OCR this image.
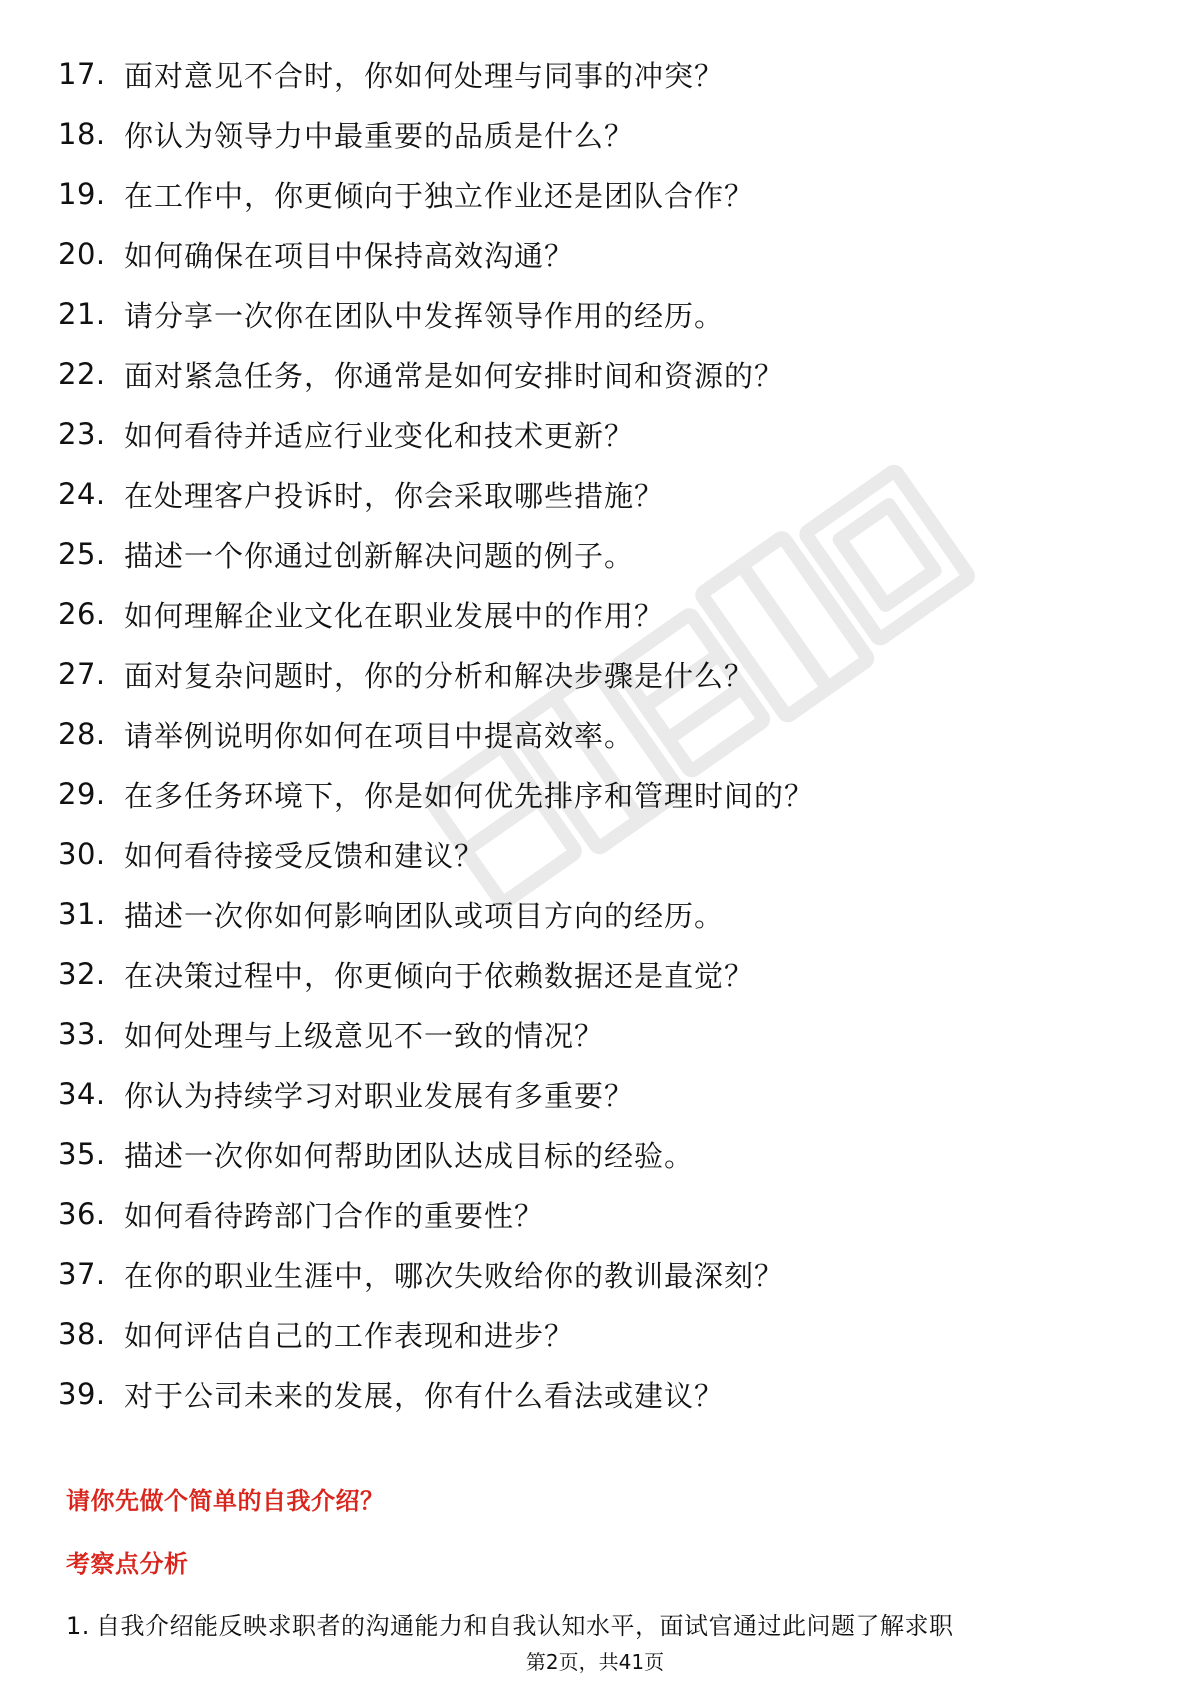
17. 面对意见不合时，你如何处理与同事的冲突？
18. 你认为领导力中最重要的品质是什么？
19. 在工作中，你更倾向于独立作业还是团队合作？
20. 如何确保在项目中保持高效沟通？
21. 请分享一次你在团队中发挥领导作用的经历。
22. 面对紧急任务，你通常是如何安排时间和资源的？
23. 如何看待并适应行业变化和技术更新？
24. 在处理客户投诉时，你会采取哪些措施？
25. 描述一个你通过创新解决问题的例子。
26. 如何理解企业文化在职业发展中的作用？
27. 面对复杂问题时，你的分析和解决步骤是什么？
28. 请举例说明你如何在项目中提高效率。
29. 在多任务环境下，你是如何优先排序和管理时间的？
30. 如何看待接受反馈和建议？
31. 描述一次你如何影响团队或项目方向的经历。
32. 在决策过程中，你更倾向于依赖数据还是直觉？
33. 如何处理与上级意见不一致的情况？
34. 你认为持续学习对职业发展有多重要？
35. 描述一次你如何帮助团队达成目标的经验。
36. 如何看待跨部门合作的重要性？
37. 在你的职业生涯中，哪次失败给你的教训最深刻？
38. 如何评估自己的工作表现和进步？
39. 对于公司未来的发展，你有什么看法或建议？
请你先做个简单的自我介绍？
考察点分析
1. 自我介绍能反映求职者的沟通能力和自我认知水平，面试官通过此问题了解求职
第2页，共41页
